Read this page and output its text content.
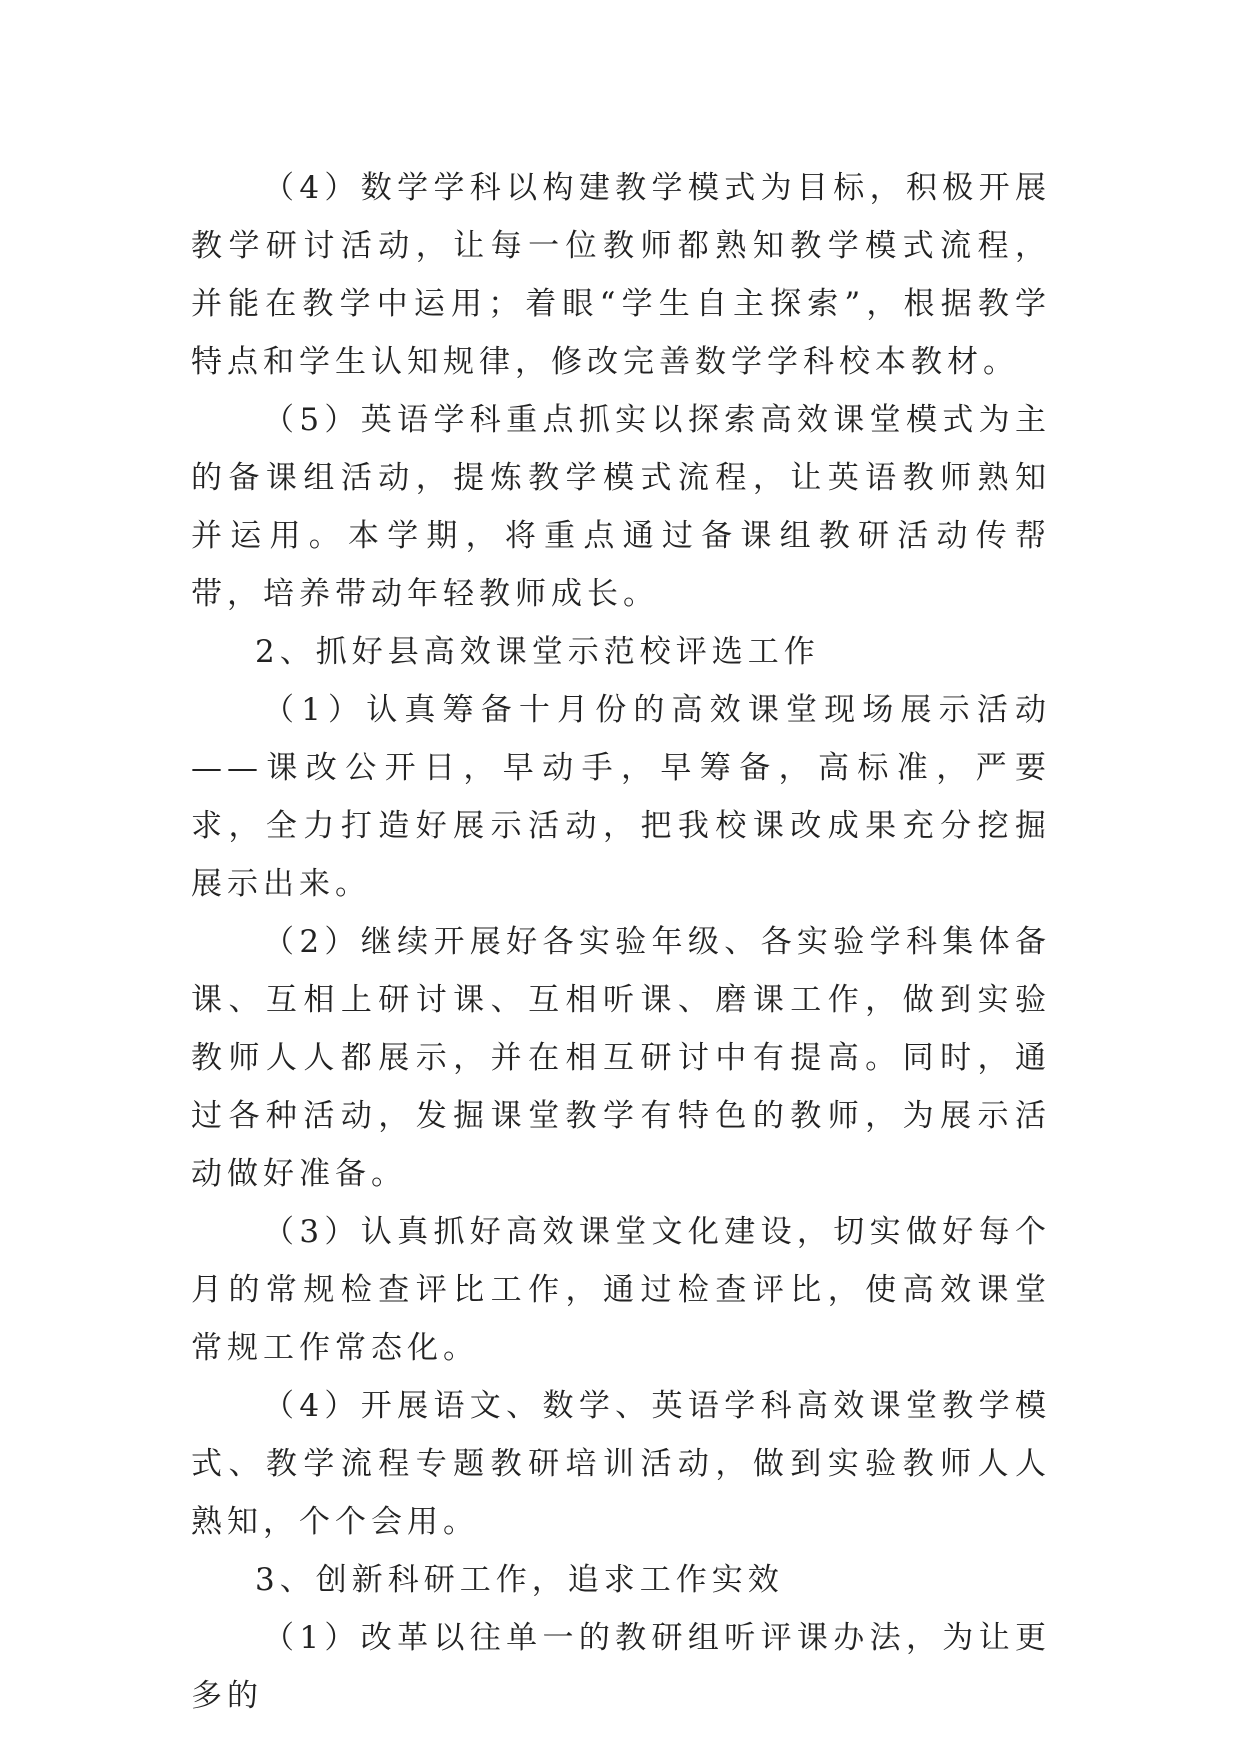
（4）数学学科以构建教学模式为目标，积极开展教学研讨活动，让每一位教师都熟知教学模式流程，并能在教学中运用；着眼“学生自主探索”，根据教学特点和学生认知规律，修改完善数学学科校本教材。

（5）英语学科重点抓实以探索高效课堂模式为主的备课组活动，提炼教学模式流程，让英语教师熟知并运用。本学期，将重点通过备课组教研活动传帮带，培养带动年轻教师成长。

2、抓好县高效课堂示范校评选工作

（1）认真筹备十月份的高效课堂现场展示活动——课改公开日，早动手，早筹备，高标准，严要求，全力打造好展示活动，把我校课改成果充分挖掘展示出来。

（2）继续开展好各实验年级、各实验学科集体备课、互相上研讨课、互相听课、磨课工作，做到实验教师人人都展示，并在相互研讨中有提高。同时，通过各种活动，发掘课堂教学有特色的教师，为展示活动做好准备。

（3）认真抓好高效课堂文化建设，切实做好每个月的常规检查评比工作，通过检查评比，使高效课堂常规工作常态化。

（4）开展语文、数学、英语学科高效课堂教学模式、教学流程专题教研培训活动，做到实验教师人人熟知，个个会用。

3、创新科研工作，追求工作实效

（1）改革以往单一的教研组听评课办法，为让更多的
